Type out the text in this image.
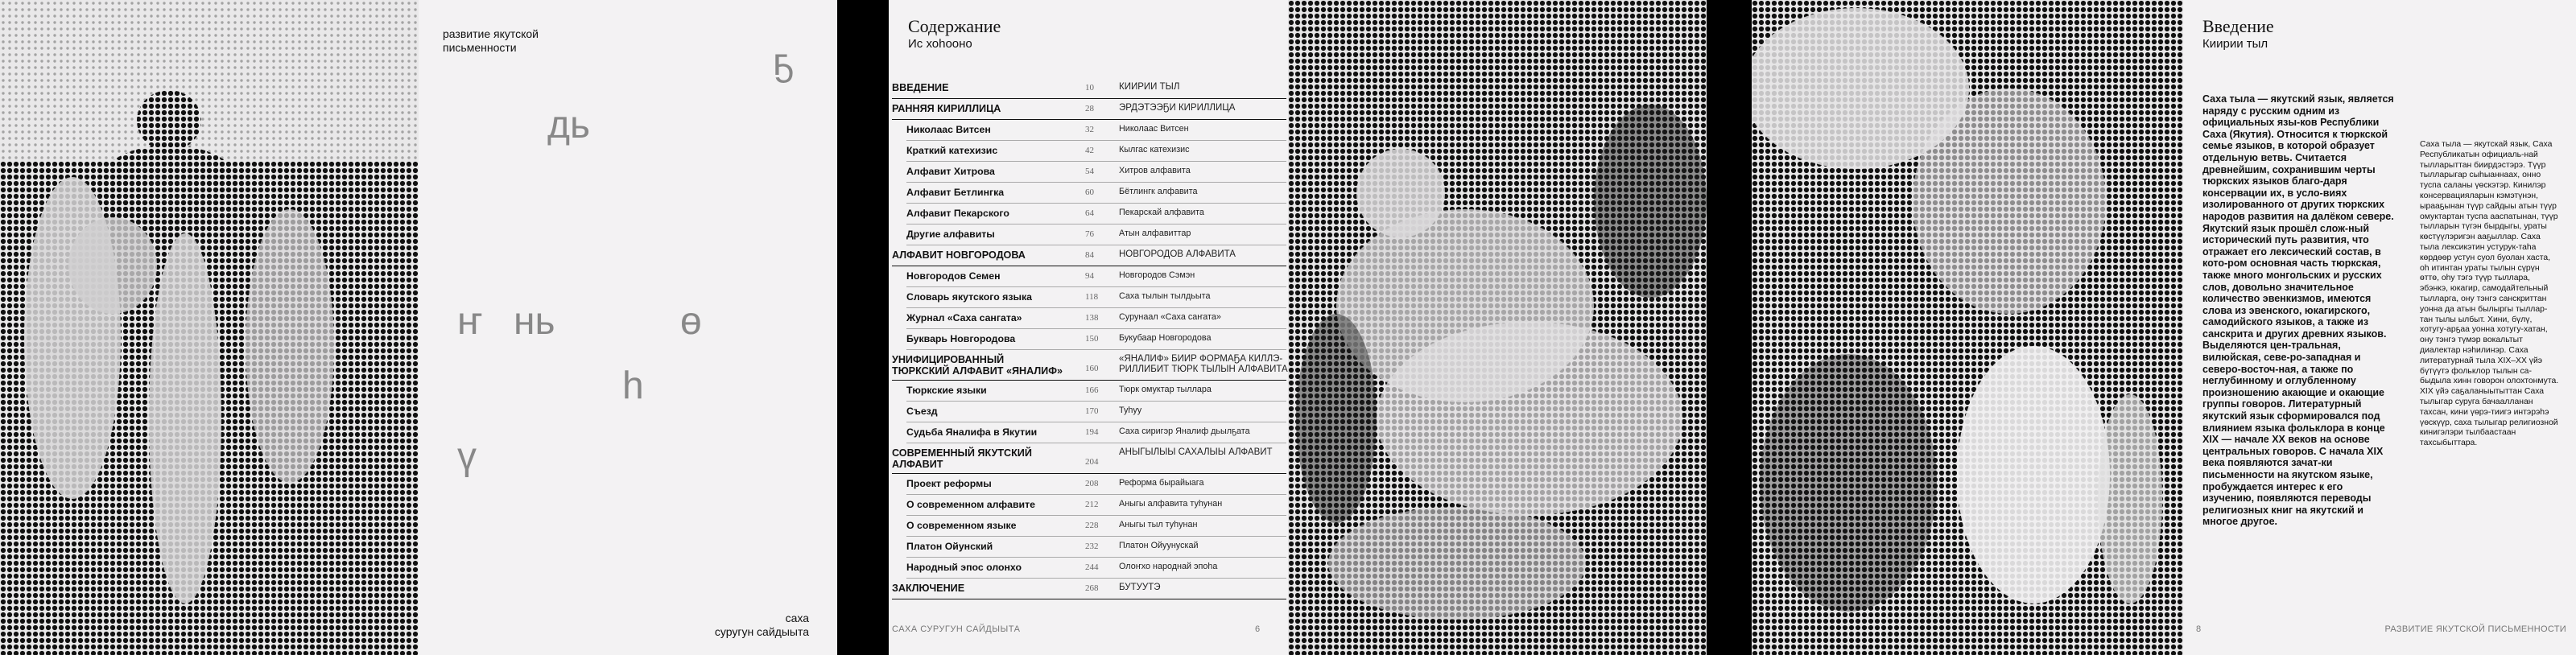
развитие якутской
письменности	ҕ
дь
ҥ нь	ө
һ
ү
саха
суругун сайдыыта
Содержание
Ис хоһооно
ВВЕДЕНИЕ	10	КИИРИИ ТЫЛ
РАННЯЯ КИРИЛЛИЦА	28	ЭРДЭТЭЭҔИ КИРИЛЛИЦА
Николаас Витсен	32	Николаас Витсен
Краткий катехизис	42	Кылгас катехизис
Алфавит Хитрова	54	Хитров алфавита
Алфавит Бетлингка	60	Бётлингк алфавита
Алфавит Пекарского	64	Пекарскай алфавита
Другие алфавиты	76	Атын алфавиттар
АЛФАВИТ НОВГОРОДОВА	84	НОВГОРОДОВ АЛФАВИТА
Новгородов Семен	94	Новгородов Сэмэн
Словарь якутского языка	118 Саха тылын тылдьыта
Журнал «Саха сангата»	138 Сурунаал «Саха саҥата»
Букварь Новгородова	150 Букубаар Новгородова
УНИФИЦИРОВАННЫЙ
ТЮРКСКИЙ АЛФАВИТ «ЯНАЛИФ»	160
«ЯНАЛИФ» БИИР ФОРМАҔА КИЛЛЭ-
РИЛЛИБИТ ТЮРК ТЫЛЫН АЛФАВИТА
Тюркские языки	166 Тюрк омуктар тыллара
Съезд	170 Туһуу
Судьба Яналифа в Якутии	194 Саха сиригэр Яналиф дьылҕата
СОВРЕМЕННЫЙ ЯКУТСКИЙ
АЛФАВИТ	204
АНЫГЫЛЫЫ САХАЛЫЫ АЛФАВИТ
Проект реформы	208 Реформа бырайыага
О современном алфавите	212 Аныгы алфавита туһунан
О современном языке	228 Аныгы тыл туһунан
Платон Ойунский	232 Платон Ойуунускай
Народный эпос олонхо	244 Олоҥхо народнай эпоһа
ЗАКЛЮЧЕНИЕ	268 БУТУУТЭ
САХА СУРУГУН САЙДЫЫТА	6
Введение
Киирии тыл
Саха тыла — якутский язык, является наряду с русским одним из официальных язы-ков Республики Саха (Якутия). Относится к тюркской семье языков, в которой образует отдельную ветвь. Считается древнейшим, сохранившим черты тюркских языков благо-даря консервации их, в усло-виях изолированного от других тюркских народов развития на далёком севере. Якутский язык прошёл слож-ный исторический путь развития, что отражает его лексический состав, в кото-ром основная часть тюркская, также много монгольских и русских слов, довольно значительное количество эвенкизмов, имеются слова из эвенского, юкагирского, самодийского языков, а также из санскрита и других древних языков. Выделяются цен-тральная, вилюйская, севе-ро-западная и северо-восточ-ная, а также по неглубинному и оглубленному произношению акающие и окающие группы говоров. Литературный якутский язык сформировался под влиянием языка фольклора в конце XIX — начале XX веков на основе центральных говоров. С начала XIX века появляются зачат-ки письменности на якутском языке, пробуждается интерес к его изучению, появляются переводы религиозных книг на якутский и многое другое.
Саха тыла — якутскай язык, Саха Республикатын официаль-най тылларыттан биирдэстэрэ. Түүр тылларыгар сыһыаннаах, онно туспа саланы үөскэтэр. Кинилэр консервацияларын кэмэтүнэн, ырааҕынан түүр сайдыы атын түүр омуктартан туспа ааспатынан, түүр тылларын түгэн бырдыгы, ураты көстүүлэригэн ааҕыллар. Саха тыла лексикэтин устурук-таһа көрдөөр устун суол буолан хаста, оһ итинтан ураты тылын сүрүн өттө, оһу тэгэ түүр тыллара, эбэнкэ, юкагир, самодайтельный тылларга, ону тэнгэ санскриттан уонна да атын былыргы тыллар-тан тылы ылбыт. Хини, бүлү, хотугу-арҕаа уонна хотугу-хатан, ону тэнгэ түмэр вокальтыт диалектар нэһилинэр. Саха литературнай тыла XIX–XX үйэ бүтүүтэ фольклор тылын са-быдыла хинн говорон олохтонмута. XIX үйэ саҕаланыытыттан Саха тылыгар суруга бачаалланан тахсан, кини үөрэ-тиигэ интэрэһэ үөскүүр, саха тылыгар религиозной кинигэлэри тылбаастаан тахсыбыттара.
8	РАЗВИТИЕ ЯКУТСКОЙ ПИСЬМЕННОСТИ
